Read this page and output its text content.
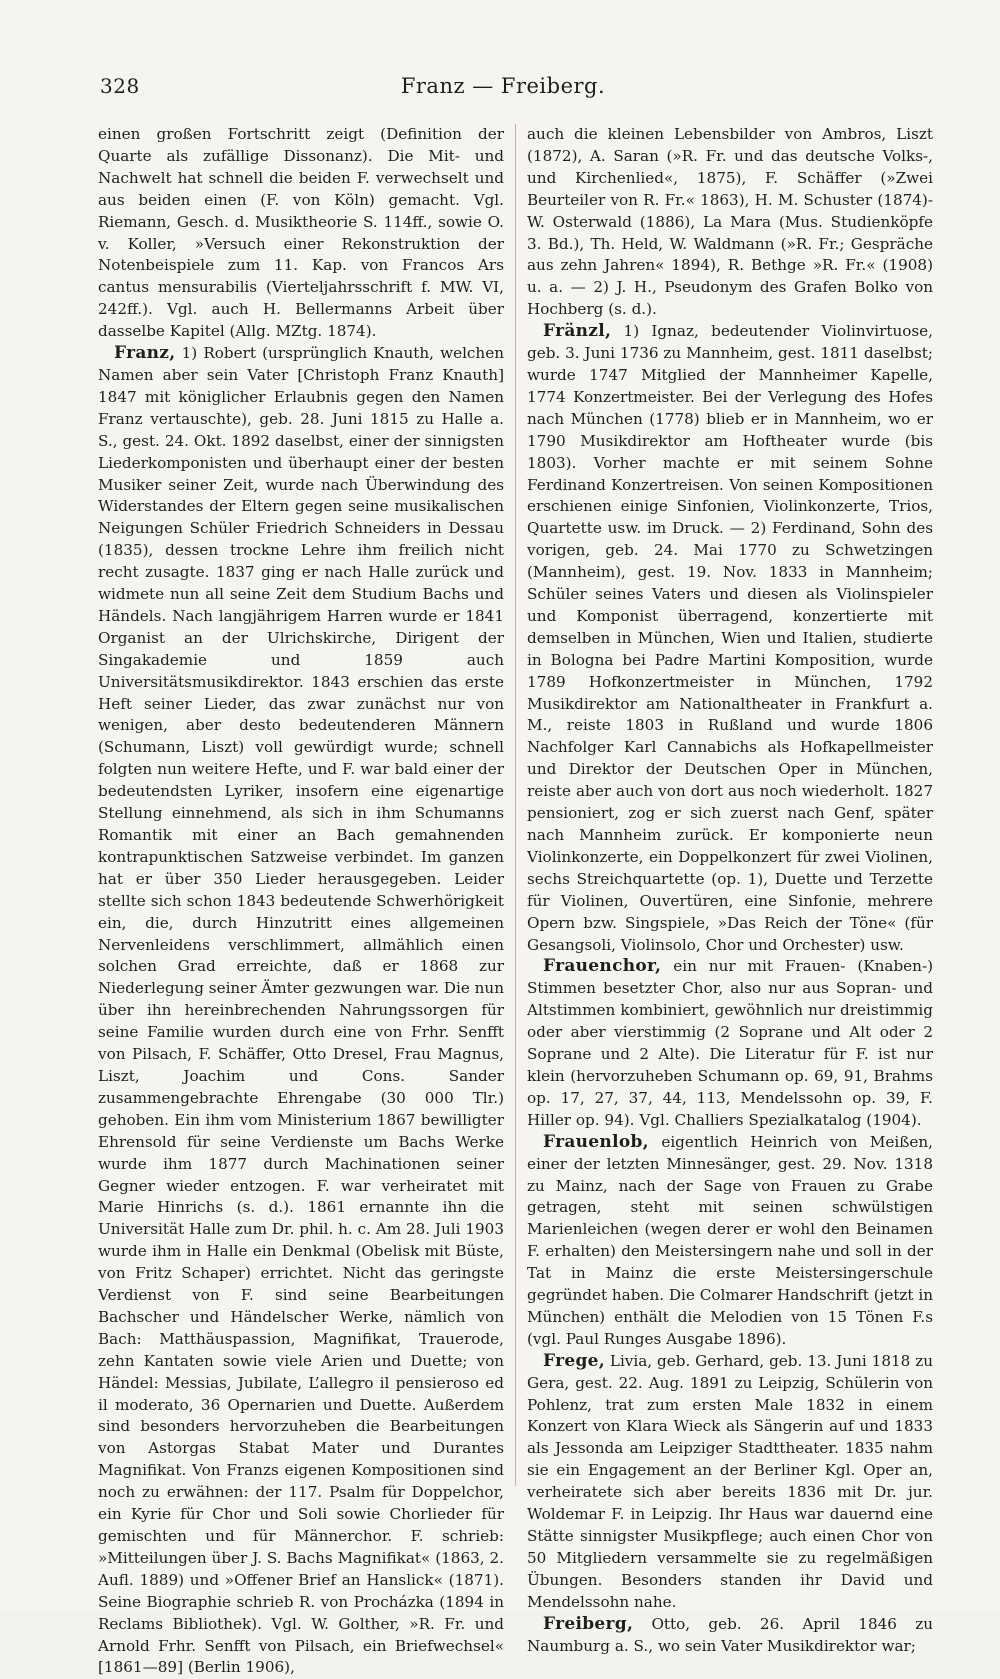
328	Franz — Freiberg.

einen großen Fortschritt zeigt (Definition der Quarte als zufällige Dissonanz). Die Mit- und Nachwelt hat schnell die beiden F. verwechselt und aus beiden einen (F. von Köln) gemacht. Vgl. Riemann, Gesch. d. Musiktheorie S. 114ff., sowie O. v. Koller, »Versuch einer Rekonstruktion der Notenbeispiele zum 11. Kap. von Francos Ars cantus mensurabilis (Vierteljahrsschrift f. MW. VI, 242ff.). Vgl. auch H. Bellermanns Arbeit über dasselbe Kapitel (Allg. MZtg. 1874).

Franz, 1) Robert (ursprünglich Knauth, welchen Namen aber sein Vater [Christoph Franz Knauth] 1847 mit königlicher Erlaubnis gegen den Namen Franz vertauschte), geb. 28. Juni 1815 zu Halle a. S., gest. 24. Okt. 1892 daselbst, einer der sinnigsten Liederkomponisten und überhaupt einer der besten Musiker seiner Zeit, wurde nach Überwindung des Widerstandes der Eltern gegen seine musikalischen Neigungen Schüler Friedrich Schneiders in Dessau (1835), dessen trockne Lehre ihm freilich nicht recht zusagte. 1837 ging er nach Halle zurück und widmete nun all seine Zeit dem Studium Bachs und Händels. Nach langjährigem Harren wurde er 1841 Organist an der Ulrichskirche, Dirigent der Singakademie und 1859 auch Universitätsmusikdirektor. 1843 erschien das erste Heft seiner Lieder, das zwar zunächst nur von wenigen, aber desto bedeutenderen Männern (Schumann, Liszt) voll gewürdigt wurde; schnell folgten nun weitere Hefte, und F. war bald einer der bedeutendsten Lyriker, insofern eine eigenartige Stellung einnehmend, als sich in ihm Schumanns Romantik mit einer an Bach gemahnenden kontrapunktischen Satzweise verbindet. Im ganzen hat er über 350 Lieder herausgegeben. Leider stellte sich schon 1843 bedeutende Schwerhörigkeit ein, die, durch Hinzutritt eines allgemeinen Nervenleidens verschlimmert, allmählich einen solchen Grad erreichte, daß er 1868 zur Niederlegung seiner Ämter gezwungen war. Die nun über ihn hereinbrechenden Nahrungssorgen für seine Familie wurden durch eine von Frhr. Senfft von Pilsach, F. Schäffer, Otto Dresel, Frau Magnus, Liszt, Joachim und Cons. Sander zusammengebrachte Ehrengabe (30 000 Tlr.) gehoben. Ein ihm vom Ministerium 1867 bewilligter Ehrensold für seine Verdienste um Bachs Werke wurde ihm 1877 durch Machinationen seiner Gegner wieder entzogen. F. war verheiratet mit Marie Hinrichs (s. d.). 1861 ernannte ihn die Universität Halle zum Dr. phil. h. c. Am 28. Juli 1903 wurde ihm in Halle ein Denkmal (Obelisk mit Büste, von Fritz Schaper) errichtet. Nicht das geringste Verdienst von F. sind seine Bearbeitungen Bachscher und Händelscher Werke, nämlich von Bach: Matthäuspassion, Magnifikat, Trauerode, zehn Kantaten sowie viele Arien und Duette; von Händel: Messias, Jubilate, L’allegro il pensieroso ed il moderato, 36 Opernarien und Duette. Außerdem sind besonders hervorzuheben die Bearbeitungen von Astorgas Stabat Mater und Durantes Magnifikat. Von Franzs eigenen Kompositionen sind noch zu erwähnen: der 117. Psalm für Doppelchor, ein Kyrie für Chor und Soli sowie Chorlieder für gemischten und für Männerchor. F. schrieb: »Mitteilungen über J. S. Bachs Magnifikat« (1863, 2. Aufl. 1889) und »Offener Brief an Hanslick« (1871). Seine Biographie schrieb R. von Procházka (1894 in Reclams Bibliothek). Vgl. W. Golther, »R. Fr. und Arnold Frhr. Senfft von Pilsach, ein Briefwechsel« [1861—89] (Berlin 1906),

auch die kleinen Lebensbilder von Ambros, Liszt (1872), A. Saran (»R. Fr. und das deutsche Volks-, und Kirchenlied«, 1875), F. Schäffer (»Zwei Beurteiler von R. Fr.« 1863), H. M. Schuster (1874)-W. Osterwald (1886), La Mara (Mus. Studienköpfe 3. Bd.), Th. Held, W. Waldmann (»R. Fr.; Gespräche aus zehn Jahren« 1894), R. Bethge »R. Fr.« (1908) u. a. — 2) J. H., Pseudonym des Grafen Bolko von Hochberg (s. d.).

Fränzl, 1) Ignaz, bedeutender Violinvirtuose, geb. 3. Juni 1736 zu Mannheim, gest. 1811 daselbst; wurde 1747 Mitglied der Mannheimer Kapelle, 1774 Konzertmeister. Bei der Verlegung des Hofes nach München (1778) blieb er in Mannheim, wo er 1790 Musikdirektor am Hoftheater wurde (bis 1803). Vorher machte er mit seinem Sohne Ferdinand Konzertreisen. Von seinen Kompositionen erschienen einige Sinfonien, Violinkonzerte, Trios, Quartette usw. im Druck. — 2) Ferdinand, Sohn des vorigen, geb. 24. Mai 1770 zu Schwetzingen (Mannheim), gest. 19. Nov. 1833 in Mannheim; Schüler seines Vaters und diesen als Violinspieler und Komponist überragend, konzertierte mit demselben in München, Wien und Italien, studierte in Bologna bei Padre Martini Komposition, wurde 1789 Hofkonzertmeister in München, 1792 Musikdirektor am Nationaltheater in Frankfurt a. M., reiste 1803 in Rußland und wurde 1806 Nachfolger Karl Cannabichs als Hofkapellmeister und Direktor der Deutschen Oper in München, reiste aber auch von dort aus noch wiederholt. 1827 pensioniert, zog er sich zuerst nach Genf, später nach Mannheim zurück. Er komponierte neun Violinkonzerte, ein Doppelkonzert für zwei Violinen, sechs Streichquartette (op. 1), Duette und Terzette für Violinen, Ouvertüren, eine Sinfonie, mehrere Opern bzw. Singspiele, »Das Reich der Töne« (für Gesangsoli, Violinsolo, Chor und Orchester) usw.

Frauenchor, ein nur mit Frauen- (Knaben-) Stimmen besetzter Chor, also nur aus Sopran- und Altstimmen kombiniert, gewöhnlich nur dreistimmig oder aber vierstimmig (2 Soprane und Alt oder 2 Soprane und 2 Alte). Die Literatur für F. ist nur klein (hervorzuheben Schumann op. 69, 91, Brahms op. 17, 27, 37, 44, 113, Mendelssohn op. 39, F. Hiller op. 94). Vgl. Challiers Spezialkatalog (1904).

Frauenlob, eigentlich Heinrich von Meißen, einer der letzten Minnesänger, gest. 29. Nov. 1318 zu Mainz, nach der Sage von Frauen zu Grabe getragen, steht mit seinen schwülstigen Marienleichen (wegen derer er wohl den Beinamen F. erhalten) den Meistersingern nahe und soll in der Tat in Mainz die erste Meistersingerschule gegründet haben. Die Colmarer Handschrift (jetzt in München) enthält die Melodien von 15 Tönen F.s (vgl. Paul Runges Ausgabe 1896).

Frege, Livia, geb. Gerhard, geb. 13. Juni 1818 zu Gera, gest. 22. Aug. 1891 zu Leipzig, Schülerin von Pohlenz, trat zum ersten Male 1832 in einem Konzert von Klara Wieck als Sängerin auf und 1833 als Jessonda am Leipziger Stadttheater. 1835 nahm sie ein Engagement an der Berliner Kgl. Oper an, verheiratete sich aber bereits 1836 mit Dr. jur. Woldemar F. in Leipzig. Ihr Haus war dauernd eine Stätte sinnigster Musikpflege; auch einen Chor von 50 Mitgliedern versammelte sie zu regelmäßigen Übungen. Besonders standen ihr David und Mendelssohn nahe.

Freiberg, Otto, geb. 26. April 1846 zu Naumburg a. S., wo sein Vater Musikdirektor war;
